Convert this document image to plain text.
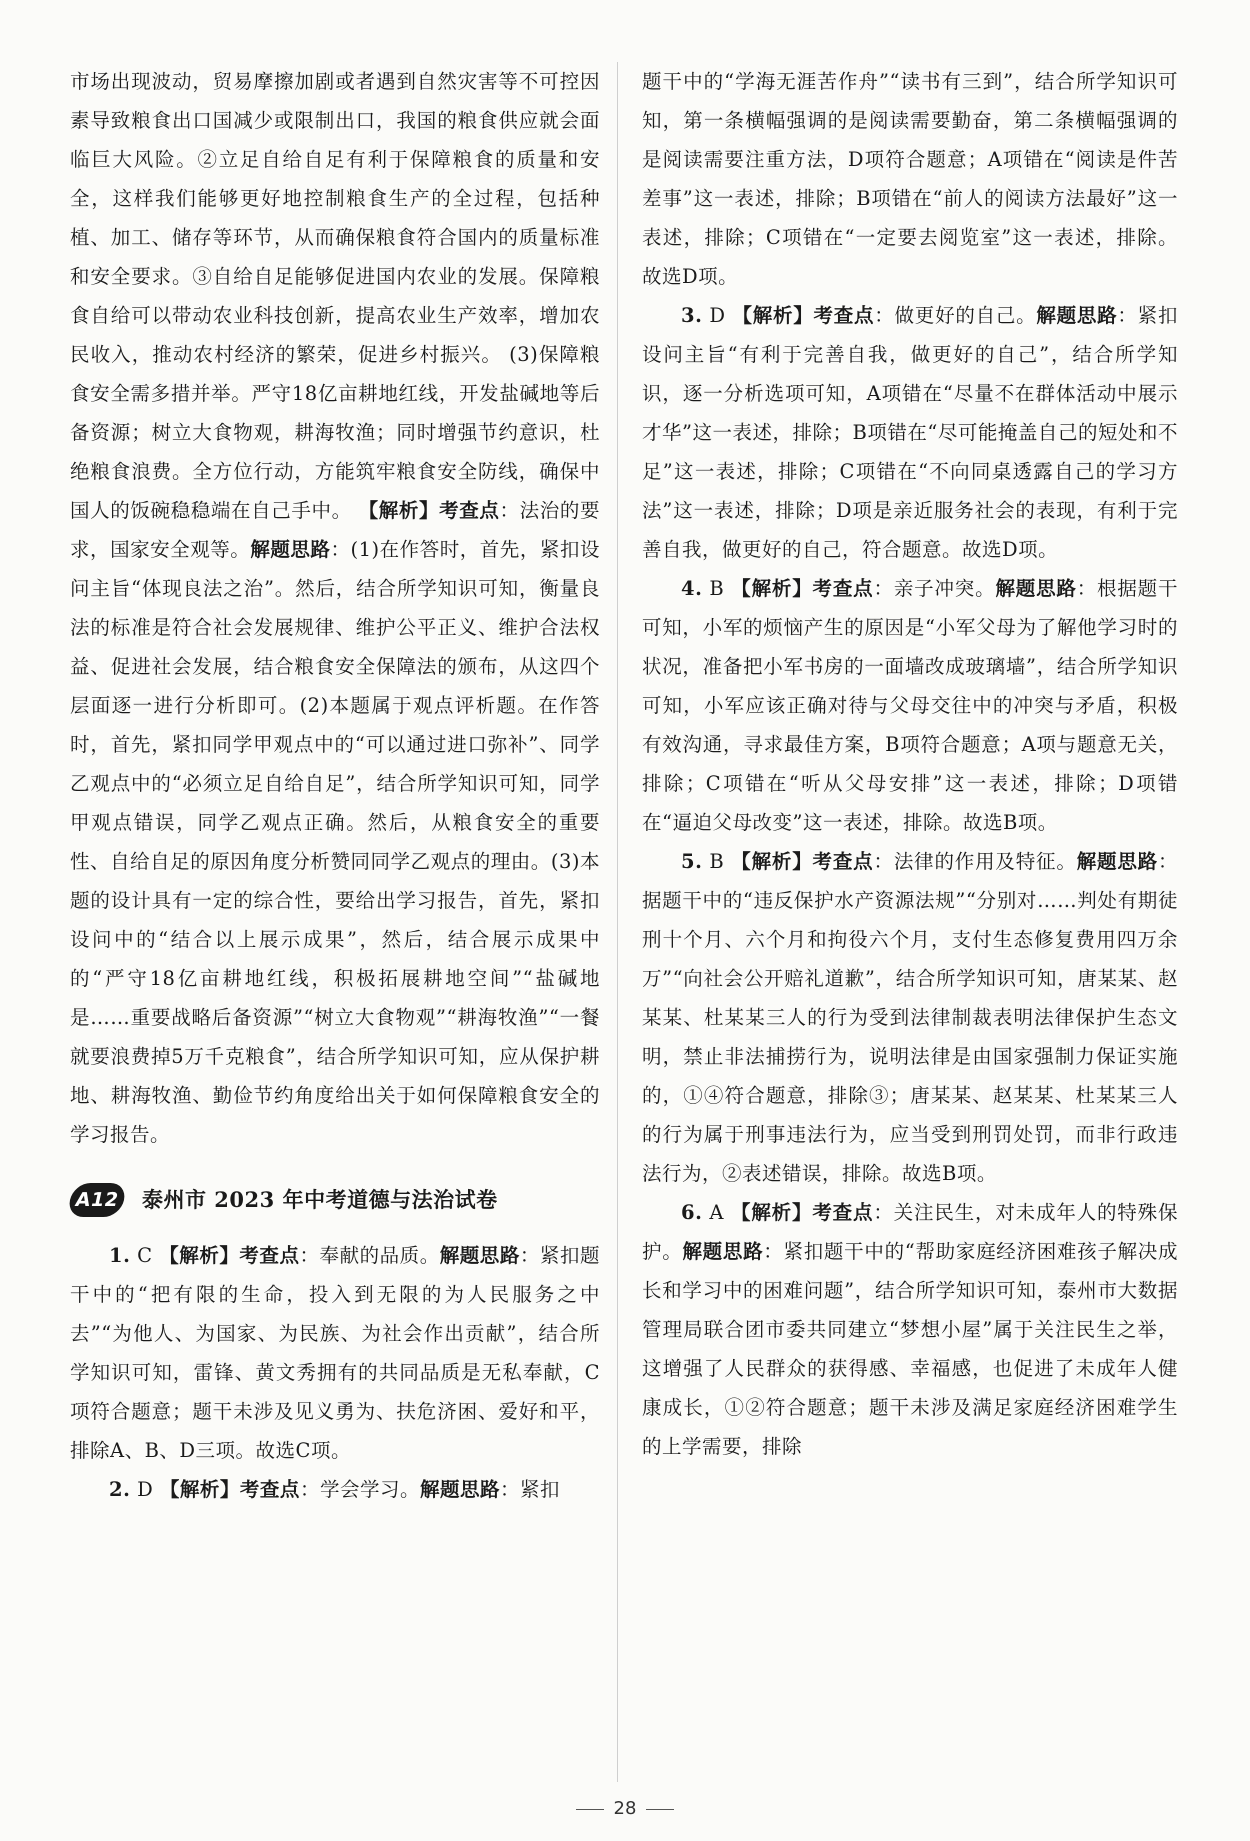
市场出现波动，贸易摩擦加剧或者遇到自然灾害等不可控因素导致粮食出口国减少或限制出口，我国的粮食供应就会面临巨大风险。②立足自给自足有利于保障粮食的质量和安全，这样我们能够更好地控制粮食生产的全过程，包括种植、加工、储存等环节，从而确保粮食符合国内的质量标准和安全要求。③自给自足能够促进国内农业的发展。保障粮食自给可以带动农业科技创新，提高农业生产效率，增加农民收入，推动农村经济的繁荣，促进乡村振兴。 (3)保障粮食安全需多措并举。严守18亿亩耕地红线，开发盐碱地等后备资源；树立大食物观，耕海牧渔；同时增强节约意识，杜绝粮食浪费。全方位行动，方能筑牢粮食安全防线，确保中国人的饭碗稳稳端在自己手中。 【解析】考查点：法治的要求，国家安全观等。解题思路：(1)在作答时，首先，紧扣设问主旨“体现良法之治”。然后，结合所学知识可知，衡量良法的标准是符合社会发展规律、维护公平正义、维护合法权益、促进社会发展，结合粮食安全保障法的颁布，从这四个层面逐一进行分析即可。(2)本题属于观点评析题。在作答时，首先，紧扣同学甲观点中的“可以通过进口弥补”、同学乙观点中的“必须立足自给自足”，结合所学知识可知，同学甲观点错误，同学乙观点正确。然后，从粮食安全的重要性、自给自足的原因角度分析赞同同学乙观点的理由。(3)本题的设计具有一定的综合性，要给出学习报告，首先，紧扣设问中的“结合以上展示成果”，然后，结合展示成果中的“严守18亿亩耕地红线，积极拓展耕地空间”“盐碱地是……重要战略后备资源”“树立大食物观”“耕海牧渔”“一餐就要浪费掉5万千克粮食”，结合所学知识可知，应从保护耕地、耕海牧渔、勤俭节约角度给出关于如何保障粮食安全的学习报告。

A12	泰州市 2023 年中考道德与法治试卷

1. C 【解析】考查点：奉献的品质。解题思路：紧扣题干中的“把有限的生命，投入到无限的为人民服务之中去”“为他人、为国家、为民族、为社会作出贡献”，结合所学知识可知，雷锋、黄文秀拥有的共同品质是无私奉献，C项符合题意；题干未涉及见义勇为、扶危济困、爱好和平，排除A、B、D三项。故选C项。

2. D 【解析】考查点：学会学习。解题思路：紧扣

题干中的“学海无涯苦作舟”“读书有三到”，结合所学知识可知，第一条横幅强调的是阅读需要勤奋，第二条横幅强调的是阅读需要注重方法，D项符合题意；A项错在“阅读是件苦差事”这一表述，排除；B项错在“前人的阅读方法最好”这一表述，排除；C项错在“一定要去阅览室”这一表述，排除。故选D项。

3. D 【解析】考查点：做更好的自己。解题思路：紧扣设问主旨“有利于完善自我，做更好的自己”，结合所学知识，逐一分析选项可知，A项错在“尽量不在群体活动中展示才华”这一表述，排除；B项错在“尽可能掩盖自己的短处和不足”这一表述，排除；C项错在“不向同桌透露自己的学习方法”这一表述，排除；D项是亲近服务社会的表现，有利于完善自我，做更好的自己，符合题意。故选D项。

4. B 【解析】考查点：亲子冲突。解题思路：根据题干可知，小军的烦恼产生的原因是“小军父母为了解他学习时的状况，准备把小军书房的一面墙改成玻璃墙”，结合所学知识可知，小军应该正确对待与父母交往中的冲突与矛盾，积极有效沟通，寻求最佳方案，B项符合题意；A项与题意无关，排除；C项错在“听从父母安排”这一表述，排除；D项错在“逼迫父母改变”这一表述，排除。故选B项。

5. B 【解析】考查点：法律的作用及特征。解题思路：据题干中的“违反保护水产资源法规”“分别对……判处有期徒刑十个月、六个月和拘役六个月，支付生态修复费用四万余万”“向社会公开赔礼道歉”，结合所学知识可知，唐某某、赵某某、杜某某三人的行为受到法律制裁表明法律保护生态文明，禁止非法捕捞行为，说明法律是由国家强制力保证实施的，①④符合题意，排除③；唐某某、赵某某、杜某某三人的行为属于刑事违法行为，应当受到刑罚处罚，而非行政违法行为，②表述错误，排除。故选B项。

6. A 【解析】考查点：关注民生，对未成年人的特殊保护。解题思路：紧扣题干中的“帮助家庭经济困难孩子解决成长和学习中的困难问题”，结合所学知识可知，泰州市大数据管理局联合团市委共同建立“梦想小屋”属于关注民生之举，这增强了人民群众的获得感、幸福感，也促进了未成年人健康成长，①②符合题意；题干未涉及满足家庭经济困难学生的上学需要，排除

28
